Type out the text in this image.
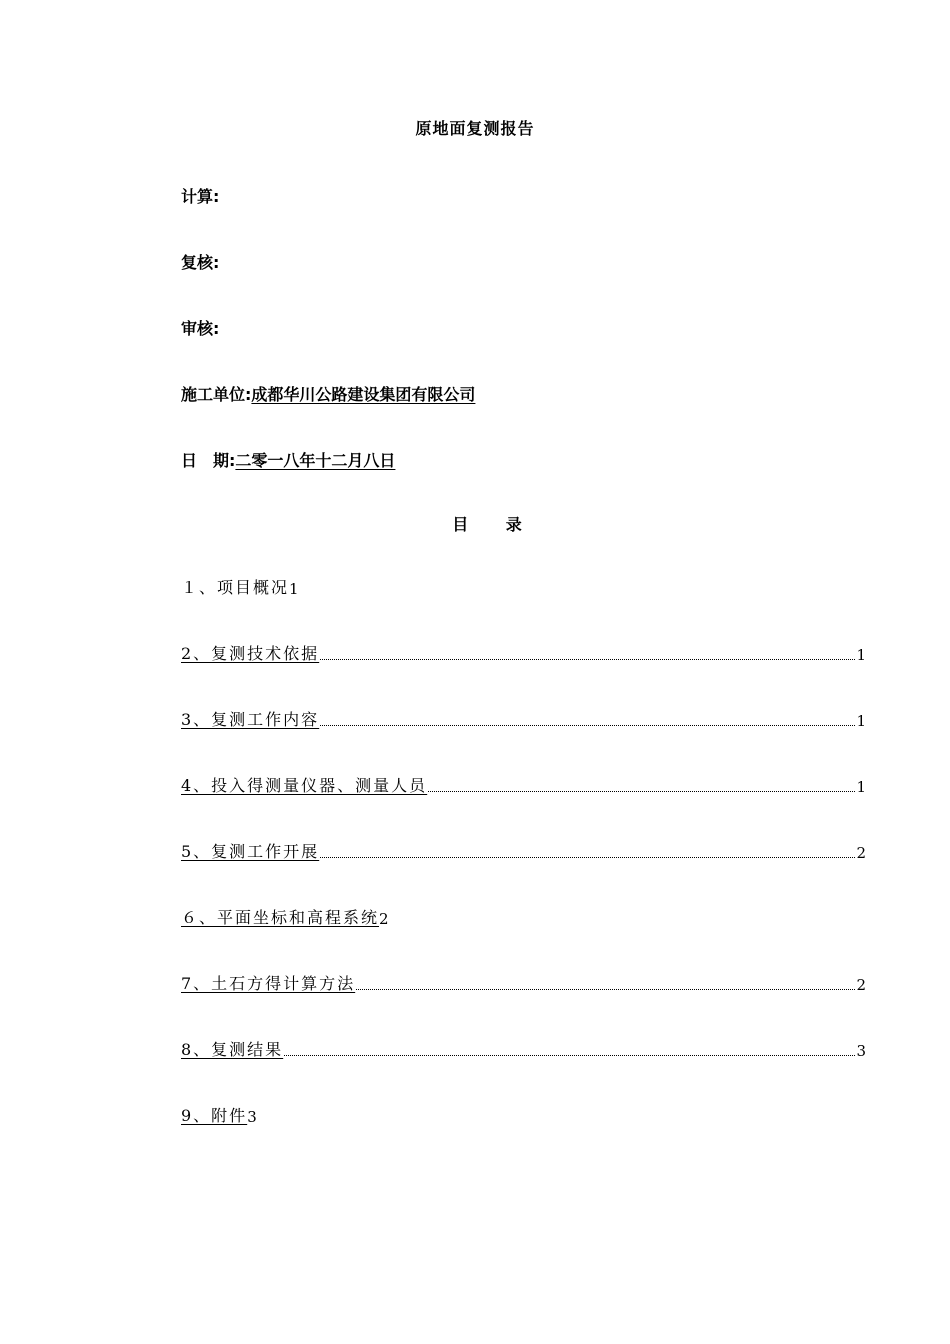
原地面复测报告
计算:
复核:
审核:
施工单位:成都华川公路建设集团有限公司
日　期:二零一八年十二月八日
目 录
１、项目概况 1
2、复测技术依据	1
3、复测工作内容	1
4、投入得测量仪器、测量人员	1
5、复测工作开展	2
６、平面坐标和高程系统 2
7、土石方得计算方法	2
8、复测结果	3
9、附件 3
